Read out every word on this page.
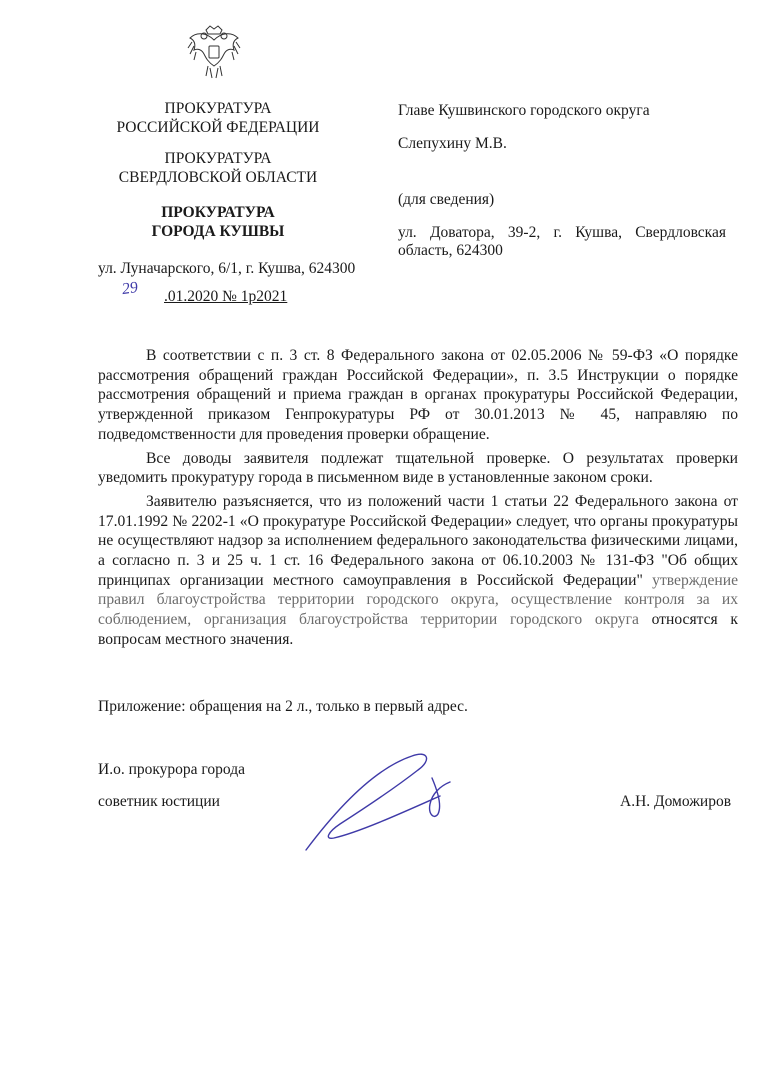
ПРОКУРАТУРА
РОССИЙСКОЙ ФЕДЕРАЦИИ
ПРОКУРАТУРА
СВЕРДЛОВСКОЙ ОБЛАСТИ
ПРОКУРАТУРА
ГОРОДА КУШВЫ
ул. Луначарского, 6/1, г. Кушва, 624300
29 .01.2020 № 1р2021
Главе Кушвинского городского округа
Слепухину М.В.
(для сведения)
ул. Доватора, 39-2, г. Кушва, Свердловская
область, 624300

В соответствии с п. 3 ст. 8 Федерального закона от 02.05.2006 № 59-ФЗ «О порядке рассмотрения обращений граждан Российской Федерации», п. 3.5 Инструкции о порядке рассмотрения обращений и приема граждан в органах прокуратуры Российской Федерации, утвержденной приказом Генпрокуратуры РФ от 30.01.2013 № 45, направляю по подведомственности для проведения проверки обращение.

Все доводы заявителя подлежат тщательной проверке. О результатах проверки уведомить прокуратуру города в письменном виде в установленные законом сроки.

Заявителю разъясняется, что из положений части 1 статьи 22 Федерального закона от 17.01.1992 № 2202-1 «О прокуратуре Российской Федерации» следует, что органы прокуратуры не осуществляют надзор за исполнением федерального законодательства физическими лицами, а согласно п. 3 и 25 ч. 1 ст. 16 Федерального закона от 06.10.2003 № 131-ФЗ "Об общих принципах организации местного самоуправления в Российской Федерации" утверждение правил благоустройства территории городского округа, осуществление контроля за их соблюдением, организация благоустройства территории городского округа относятся к вопросам местного значения.

Приложение: обращения на 2 л., только в первый адрес.
И.о. прокурора города
советник юстиции	А.Н. Доможиров
